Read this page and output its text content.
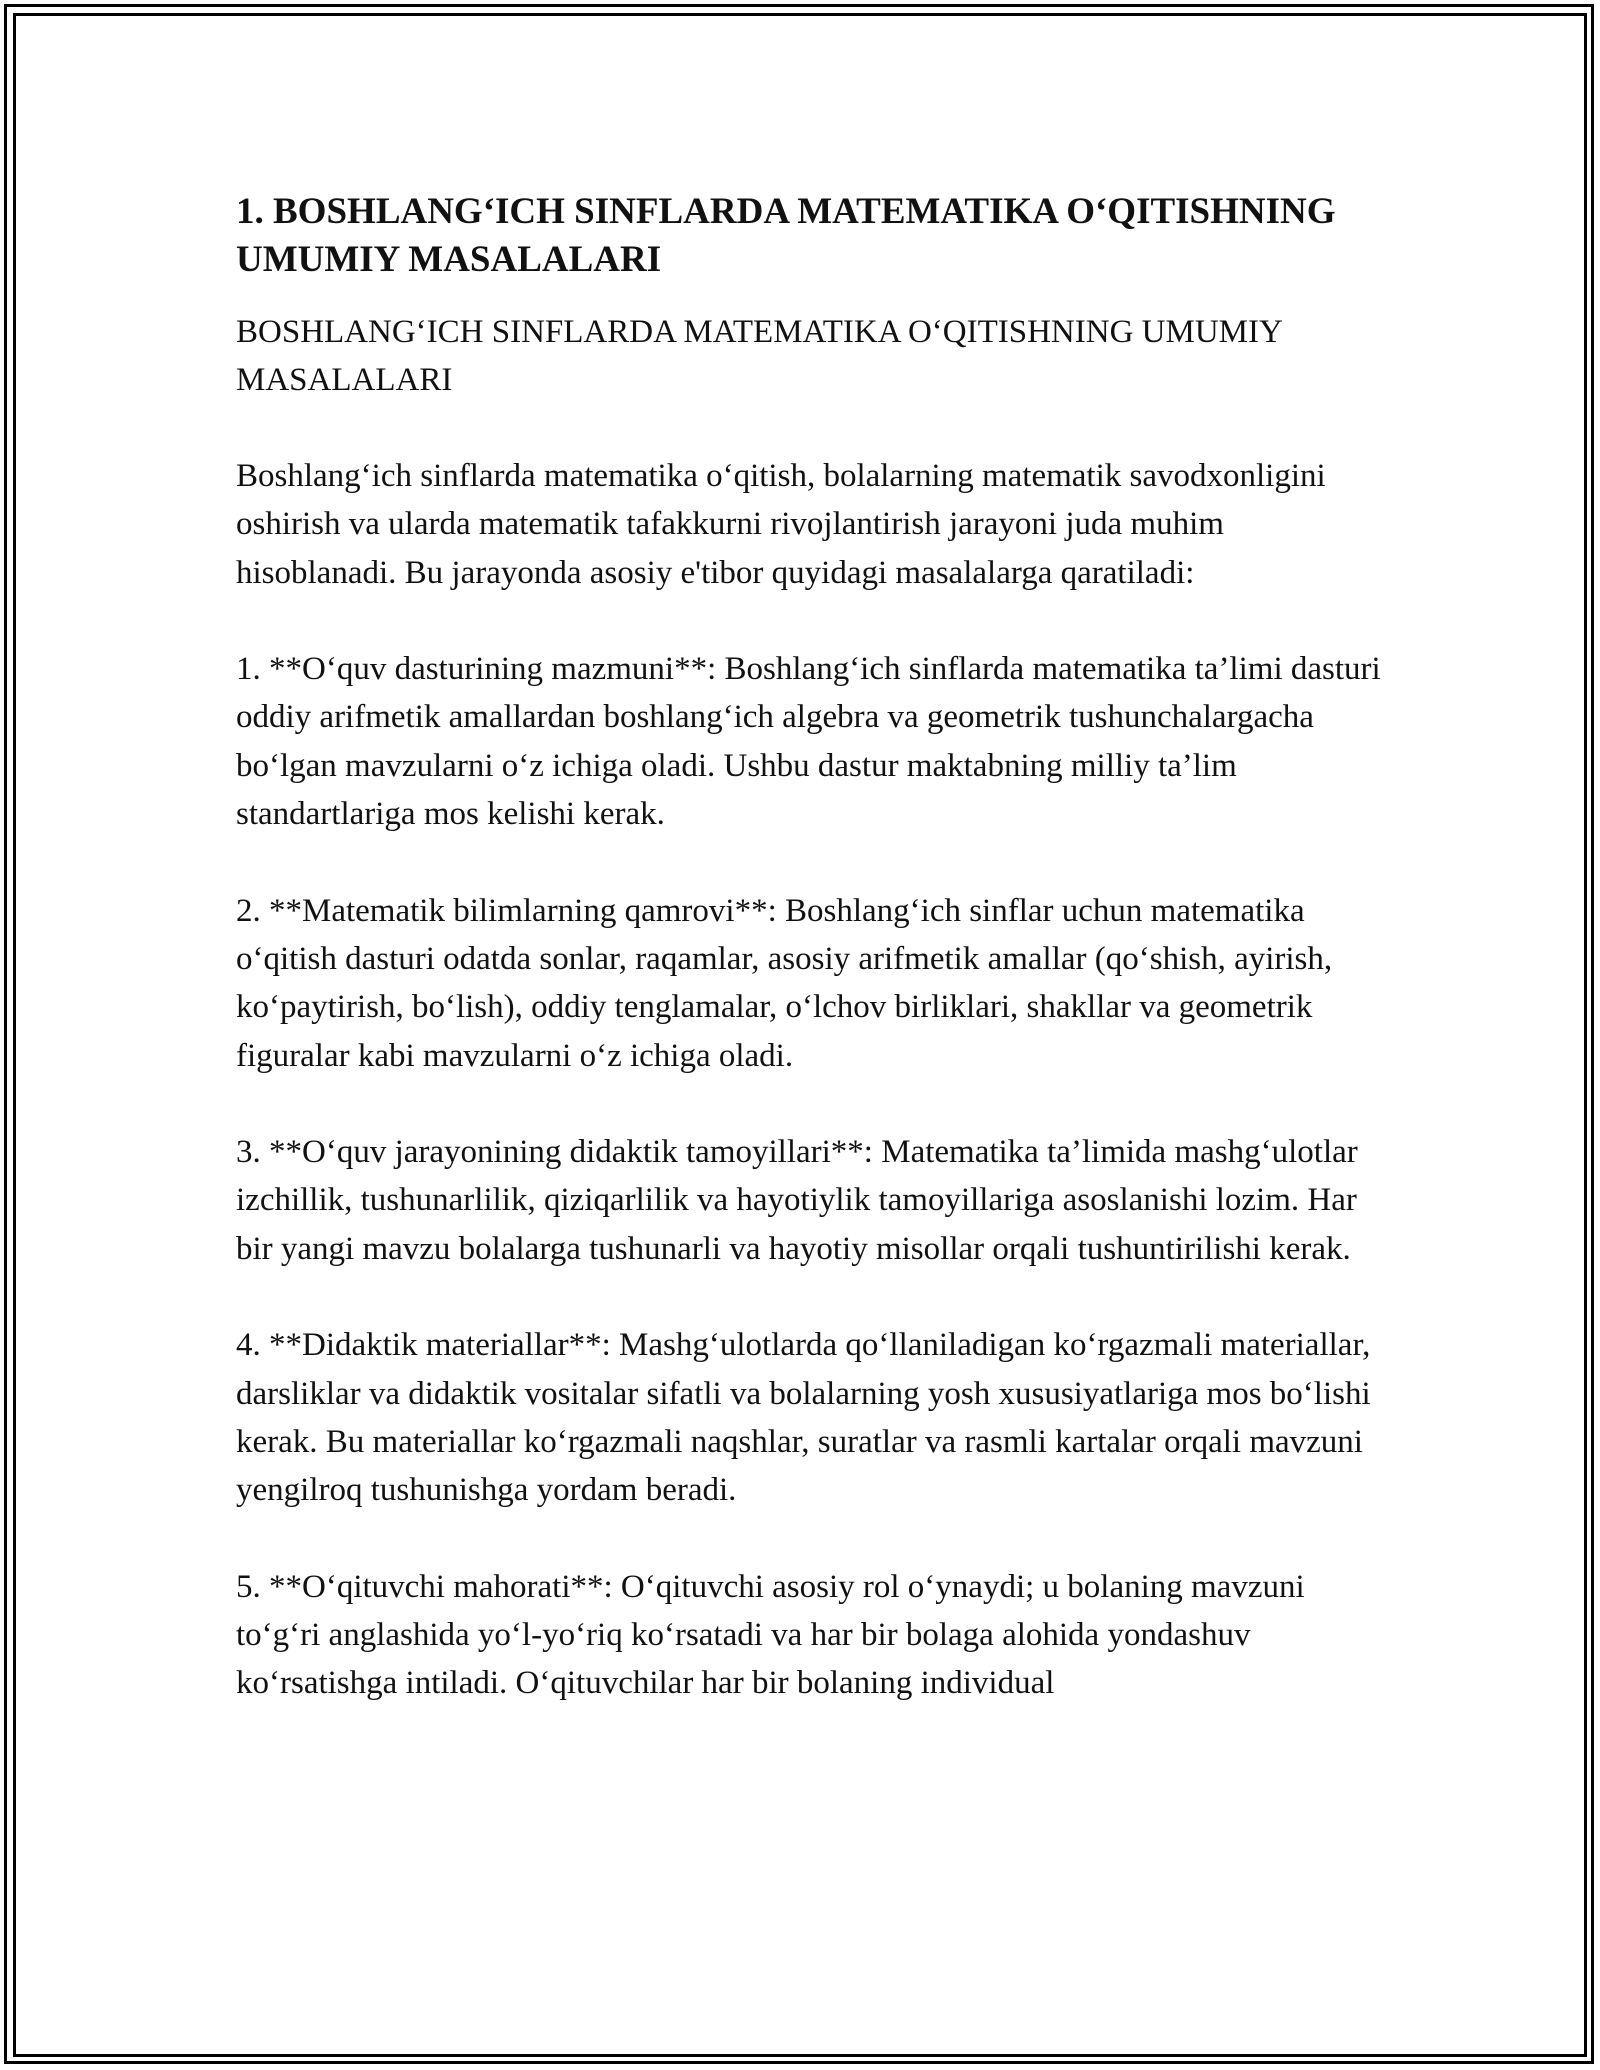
1. BOSHLANG‘ICH SINFLARDA MATEMATIKA O‘QITISHNING UMUMIY MASALALARI

BOSHLANG‘ICH SINFLARDA MATEMATIKA O‘QITISHNING UMUMIY MASALALARI

Boshlang‘ich sinflarda matematika o‘qitish, bolalarning matematik savodxonligini oshirish va ularda matematik tafakkurni rivojlantirish jarayoni juda muhim hisoblanadi. Bu jarayonda asosiy e'tibor quyidagi masalalarga qaratiladi:

1. **O‘quv dasturining mazmuni**: Boshlang‘ich sinflarda matematika ta’limi dasturi oddiy arifmetik amallardan boshlang‘ich algebra va geometrik tushunchalargacha bo‘lgan mavzularni o‘z ichiga oladi. Ushbu dastur maktabning milliy ta’lim standartlariga mos kelishi kerak.

2. **Matematik bilimlarning qamrovi**: Boshlang‘ich sinflar uchun matematika o‘qitish dasturi odatda sonlar, raqamlar, asosiy arifmetik amallar (qo‘shish, ayirish, ko‘paytirish, bo‘lish), oddiy tenglamalar, o‘lchov birliklari, shakllar va geometrik figuralar kabi mavzularni o‘z ichiga oladi.

3. **O‘quv jarayonining didaktik tamoyillari**: Matematika ta’limida mashg‘ulotlar izchillik, tushunarlilik, qiziqarlilik va hayotiylik tamoyillariga asoslanishi lozim. Har bir yangi mavzu bolalarga tushunarli va hayotiy misollar orqali tushuntirilishi kerak.

4. **Didaktik materiallar**: Mashg‘ulotlarda qo‘llaniladigan ko‘rgazmali materiallar, darsliklar va didaktik vositalar sifatli va bolalarning yosh xususiyatlariga mos bo‘lishi kerak. Bu materiallar ko‘rgazmali naqshlar, suratlar va rasmli kartalar orqali mavzuni yengilroq tushunishga yordam beradi.

5. **O‘qituvchi mahorati**: O‘qituvchi asosiy rol o‘ynaydi; u bolaning mavzuni to‘g‘ri anglashida yo‘l-yo‘riq ko‘rsatadi va har bir bolaga alohida yondashuv ko‘rsatishga intiladi. O‘qituvchilar har bir bolaning individual
